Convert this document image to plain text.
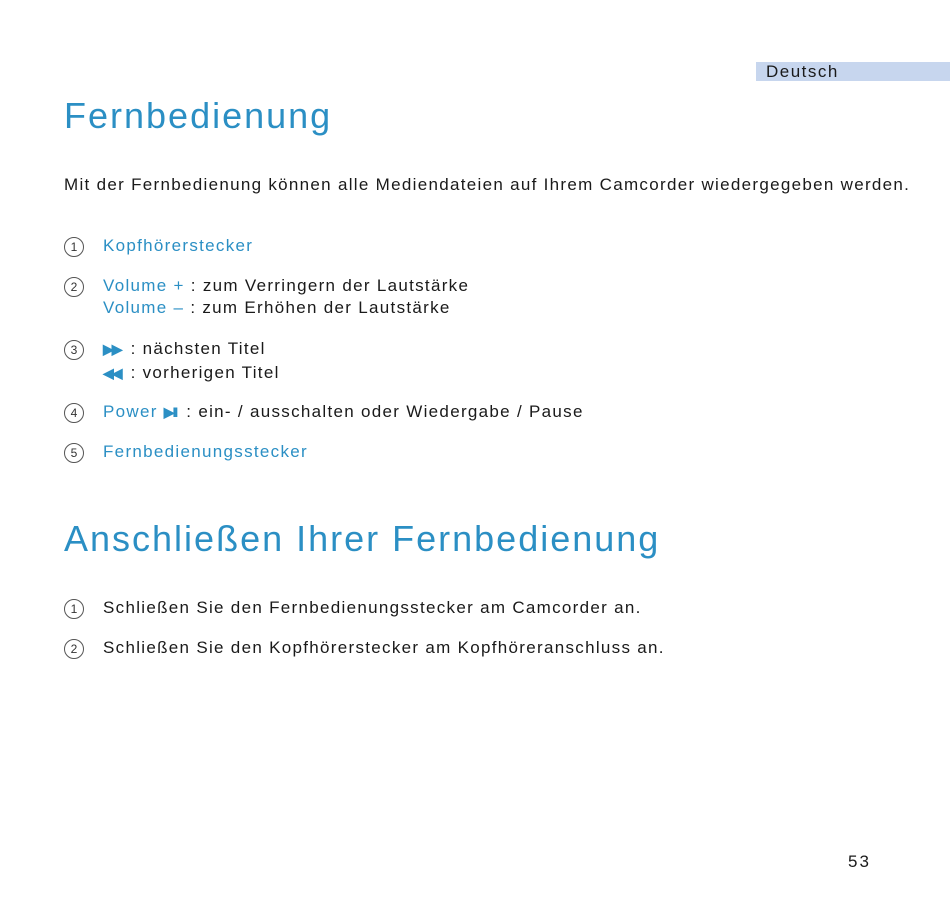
Deutsch
Fernbedienung
Mit der Fernbedienung können alle Mediendateien auf Ihrem Camcorder wiedergegeben werden.
1	Kopfhörerstecker
2	Volume + : zum Verringern der Lautstärke
Volume – : zum Erhöhen der Lautstärke
3	▶▶ : nächsten Titel
◀◀ : vorherigen Titel
4	Power ▶II : ein- / ausschalten oder Wiedergabe / Pause
5	Fernbedienungsstecker
Anschließen Ihrer Fernbedienung
1	Schließen Sie den Fernbedienungsstecker am Camcorder an.
2	Schließen Sie den Kopfhörerstecker am Kopfhöreranschluss an.
53
